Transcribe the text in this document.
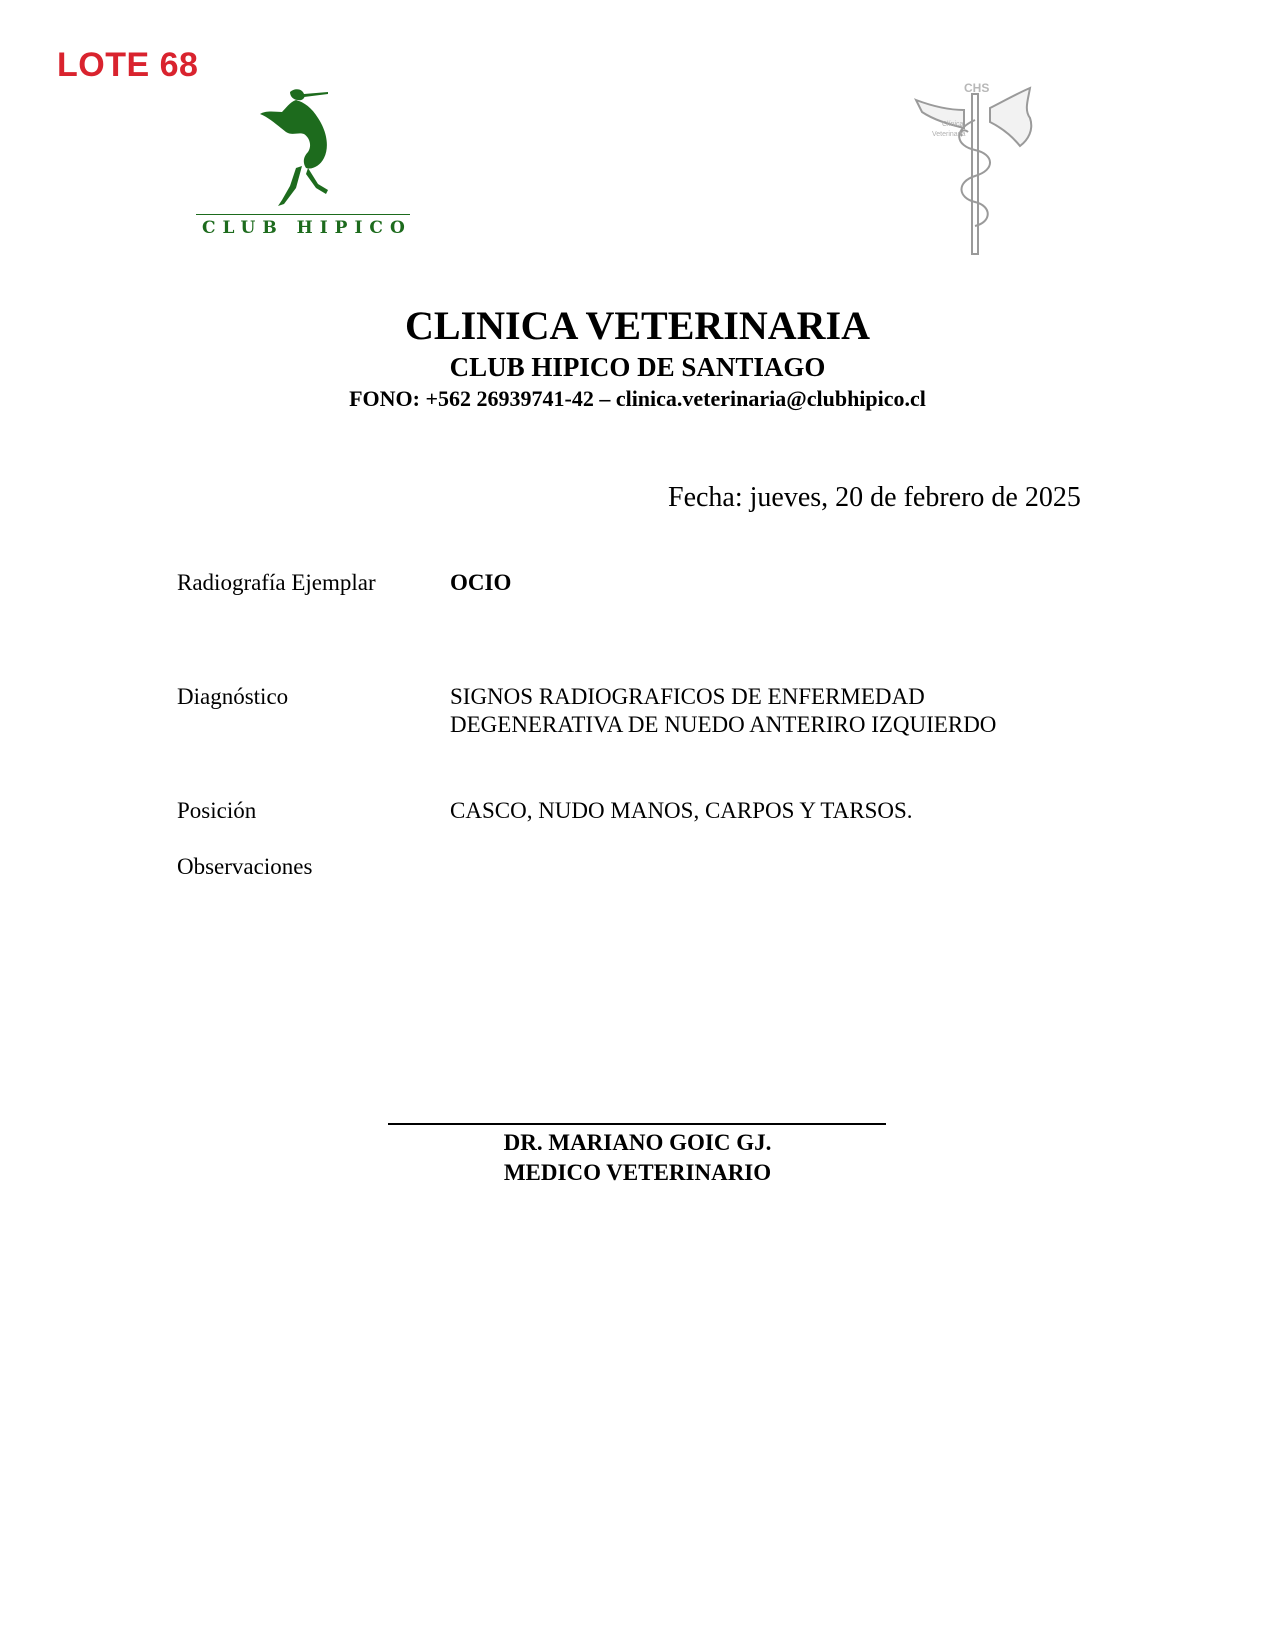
LOTE 68
CLUB HIPICO
CHS
Clínica
Veterinaria
CLINICA VETERINARIA
CLUB HIPICO DE SANTIAGO
FONO: +562 26939741-42 – clinica.veterinaria@clubhipico.cl
Fecha: jueves, 20 de febrero de 2025
Radiografía Ejemplar	OCIO
Diagnóstico	SIGNOS RADIOGRAFICOS DE ENFERMEDAD
DEGENERATIVA DE NUEDO ANTERIRO IZQUIERDO
Posición	CASCO, NUDO MANOS, CARPOS Y TARSOS.
Observaciones
DR. MARIANO GOIC GJ.
MEDICO VETERINARIO
